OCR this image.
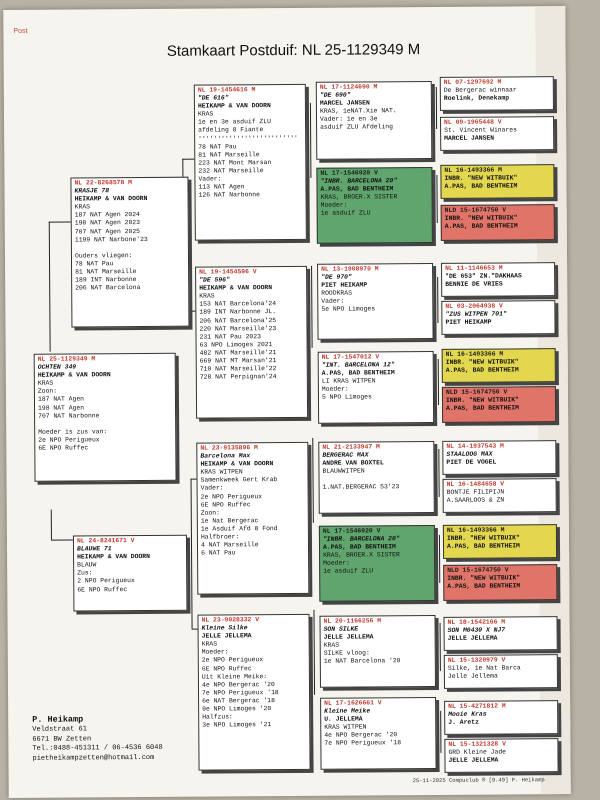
Post
Stamkaart Postduif: NL 25-1129349 M
NL 25-1129349 M
OCHTEN 349
HEIKAMP & VAN DOORN
KRAS
Zoon:
187 NAT Agen
198 NAT Agen
707 NAT Narbonne

Moeder is zus van:
2e NPO Perigueux
6E NPO Ruffec
NL 22-8268578 M
KRASJE 78
HEIKAMP & VAN DOORN
KRAS
187 NAT Agen 2024
198 NAT Agen 2023
707 NAT Agen 2025
1199 NAT Narbone'23

Ouders vliegen:
78 NAT Pau
81 NAT Marseille
189 INT Narbonne
206 NAT Barcelona
NL 24-8241671 V
BLAUWE 71
HEIKAMP & VAN DOORN
BLAUW
Zus:
2 NPO Perigueux
6E NPO Ruffec
NL 19-1454616 M
"DE 616"
HEIKAMP & VAN DOORN
KRAS
1e en 3e asduif ZLU
afdeling 8 Fiante
''''''''''''''''''''''''''
78 NAT Pau
81 NAT Marseille
223 NAT Mont Marsan
232 NAT Marseille
Vader:
113 NAT Agen
126 NAT Narbonne
NL 19-1454596 V
"DE 596"
HEIKAMP & VAN DOORN
KRAS
153 NAT Barcelona'24
189 INT Narbonne JL.
206 NAT Barcelona'25
220 NAT Marseille'23
231 NAT Pau 2023
63 NPO Limoges 2021
482 NAT Marseille'21
669 NAT MT Marsan'21
710 NAT Marseille'22
728 NAT Perpignan'24
NL 23-9135896 M
Barcelona Max
HEIKAMP & VAN DOORN
KRAS WITPEN
Samenkweek Gert Krab
Vader:
2e NPO Perigueux
6E NPO Ruffec
Zoon:
1e Nat Bergerac
1e Asduif Afd 8 Fond
Halfbroer:
4 NAT Marseille
6 NAT Pau
NL 23-9028332 V
Kleine Silke
JELLE JELLEMA
KRAS
Moeder:
2e NPO Perigueux
6E NPO Ruffec
Uit Kleine Meike:
4e NPO Bergerac '20
7e NPO Perigueux '18
6e NAT Bergerac '18
9e NPO Limoges '20
Halfzus:
3e NPO Limoges '21
NL 17-1124690 M
"DE 690"
MARCEL JANSEN
KRAS, 1eNAT.Xie NAT.
Vader: 1e en 3e
asduif ZLU Afdeling
NL 17-1546920 V
"INBR. BARCELONA 20"
A.PAS, BAD BENTHEIM
KRAS, BROER.X SISTER
Moeder:
1e asduif ZLU
NL 13-1908970 M
"DE 970"
PIET HEIKAMP
ROODKRAS
Vader:
5e NPO Limoges
NL 17-1547012 V
"INT. BARCELONA 12"
A.PAS, BAD BENTHEIM
LI KRAS WITPEN
Moeder:
5 NPO Limoges
NL 21-2133947 M
BERGERAC MAX
ANDRE VAN BOXTEL
BLAUWWITPEN

1.NAT.BERGERAC 53'23
NL 17-1546920 V
"INBR. BARCELONA 20"
A.PAS, BAD BENTHEIM
KRAS, BROER.X SISTER
Moeder:
1e asduif ZLU
NL 20-1166256 M
SON SILKE
JELLE JELLEMA
KRAS
SILKE vloog:
1e NAT Barcelona '20
NL 17-1626661 V
Kleine Meike
U. JELLEMA
KRAS WITPEN
4e NPO Bergerac '20
7e NPO Perigueux '18
NL 07-1297692 M
De Bergerac winnaar
Roelink, Denekamp
NL 09-1965448 V
St. Vincent Winares
MARCEL JANSEN
NL 16-1493366 M
INBR. "NEW WITBUIK"
A.PAS, BAD BENTHEIM
NLD 15-1674750 V
INBR. "NEW WITBUIK"
A.PAS, BAD BENTHEIM
NL 11-1146653 M
"DE 653" ZN."DAKHAAS
BENNIE DE VRIES
NL 03-2064938 V
"ZUS WITPEN 701"
PIET HEIKAMP
NL 16-1493366 M
INBR. "NEW WITBUIK"
A.PAS, BAD BENTHEIM
NLD 15-1674750 V
INBR. "NEW WITBUIK"
A.PAS, BAD BENTHEIM
NL 14-1937543 M
STAALOOG MAX
PIET DE VOGEL
NL 16-1484658 V
BONTJE FILIPIJN
A.SAARLOOS & ZN
NL 16-1493366 M
INBR. "NEW WITBUIK"
A.PAS, BAD BENTHEIM
NLD 15-1674750 V
INBR. "NEW WITBUIK"
A.PAS, BAD BENTHEIM
NL 18-1542166 M
SON M0430 X NJ7
JELLE JELLEMA
NL 15-1320979 V
Silke, 1e Nat Barca
Jelle Jellema
NL 15-4271812 M
Mooie Kras
J. Aretz
NL 15-1321328 V
GRD Kleine Jade
JELLE JELLEMA
P. Heikamp
Veldstraat 61
6671 BW Zetten
Tel.:0488-451311 / 06-4536 6048
pietheikampzetten@hotmail.com
25-11-2025 Compuclub ® [9.49] P. Heikamp
